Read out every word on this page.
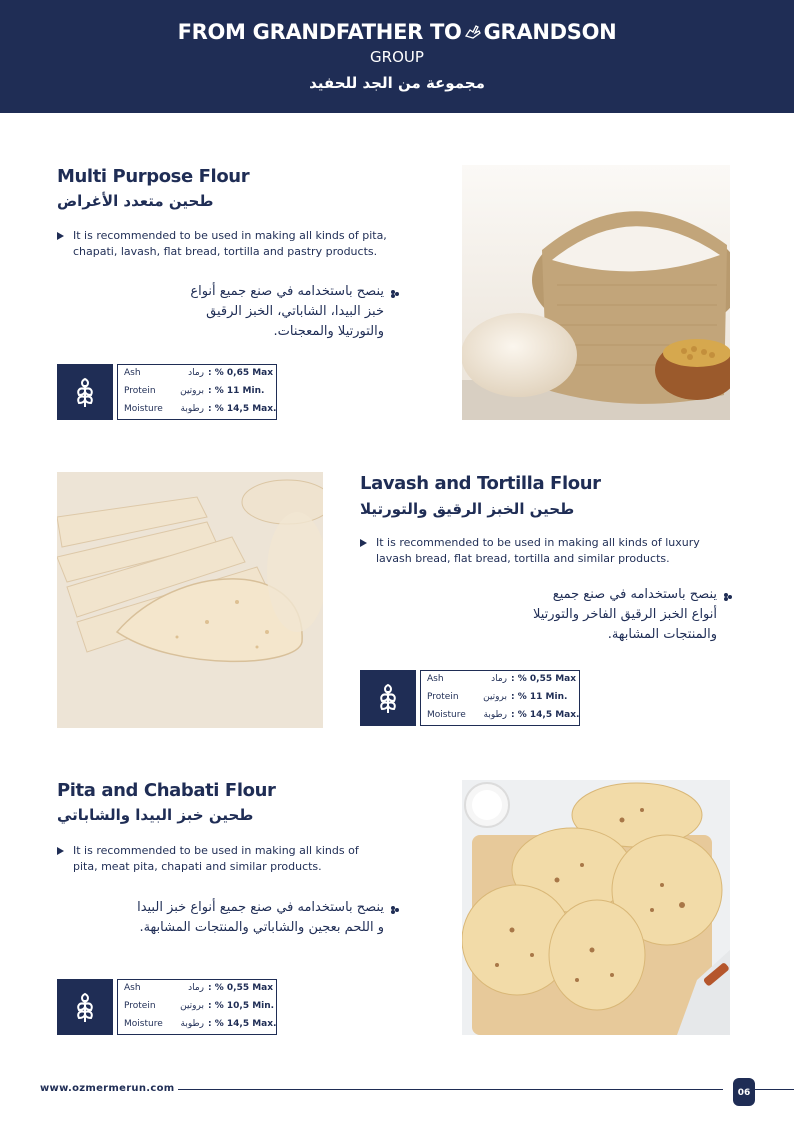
FROM GRANDFATHER TO GRANDSON
GROUP
مجموعة من الجد للحفيد
Multi Purpose Flour
طحين متعدد الأغراض
It is recommended to be used in making all kinds of pita,
chapati, lavash, flat bread, tortilla and pastry products.
ينصح باستخدامه في صنع جميع أنواع
خبز البيدا، الشاباتي، الخبز الرقيق
والتورتيلا والمعجنات.
Ash	رماد : % 0,65 Max
Protein	بروتين : % 11 Min.
Moisture	رطوبة : % 14,5 Max.
Lavash and Tortilla Flour
طحين الخبز الرقيق والتورتيلا
It is recommended to be used in making all kinds of luxury
lavash bread, flat bread, tortilla and similar products.
ينصح باستخدامه في صنع جميع
أنواع الخبز الرقيق الفاخر والتورتيلا
والمنتجات المشابهة.
Ash	رماد : % 0,55 Max
Protein	بروتين : % 11 Min.
Moisture	رطوبة : % 14,5 Max.
Pita and Chabati Flour
طحين خبز البيدا والشاباتي
It is recommended to be used in making all kinds of
pita, meat pita, chapati and similar products.
ينصح باستخدامه في صنع جميع أنواع خبز البيدا
و اللحم بعجين والشاباتي والمنتجات المشابهة.
Ash	رماد : % 0,55 Max
Protein	بروتين : % 10,5 Min.
Moisture	رطوبة : % 14,5 Max.
www.ozmermerun.com	06
